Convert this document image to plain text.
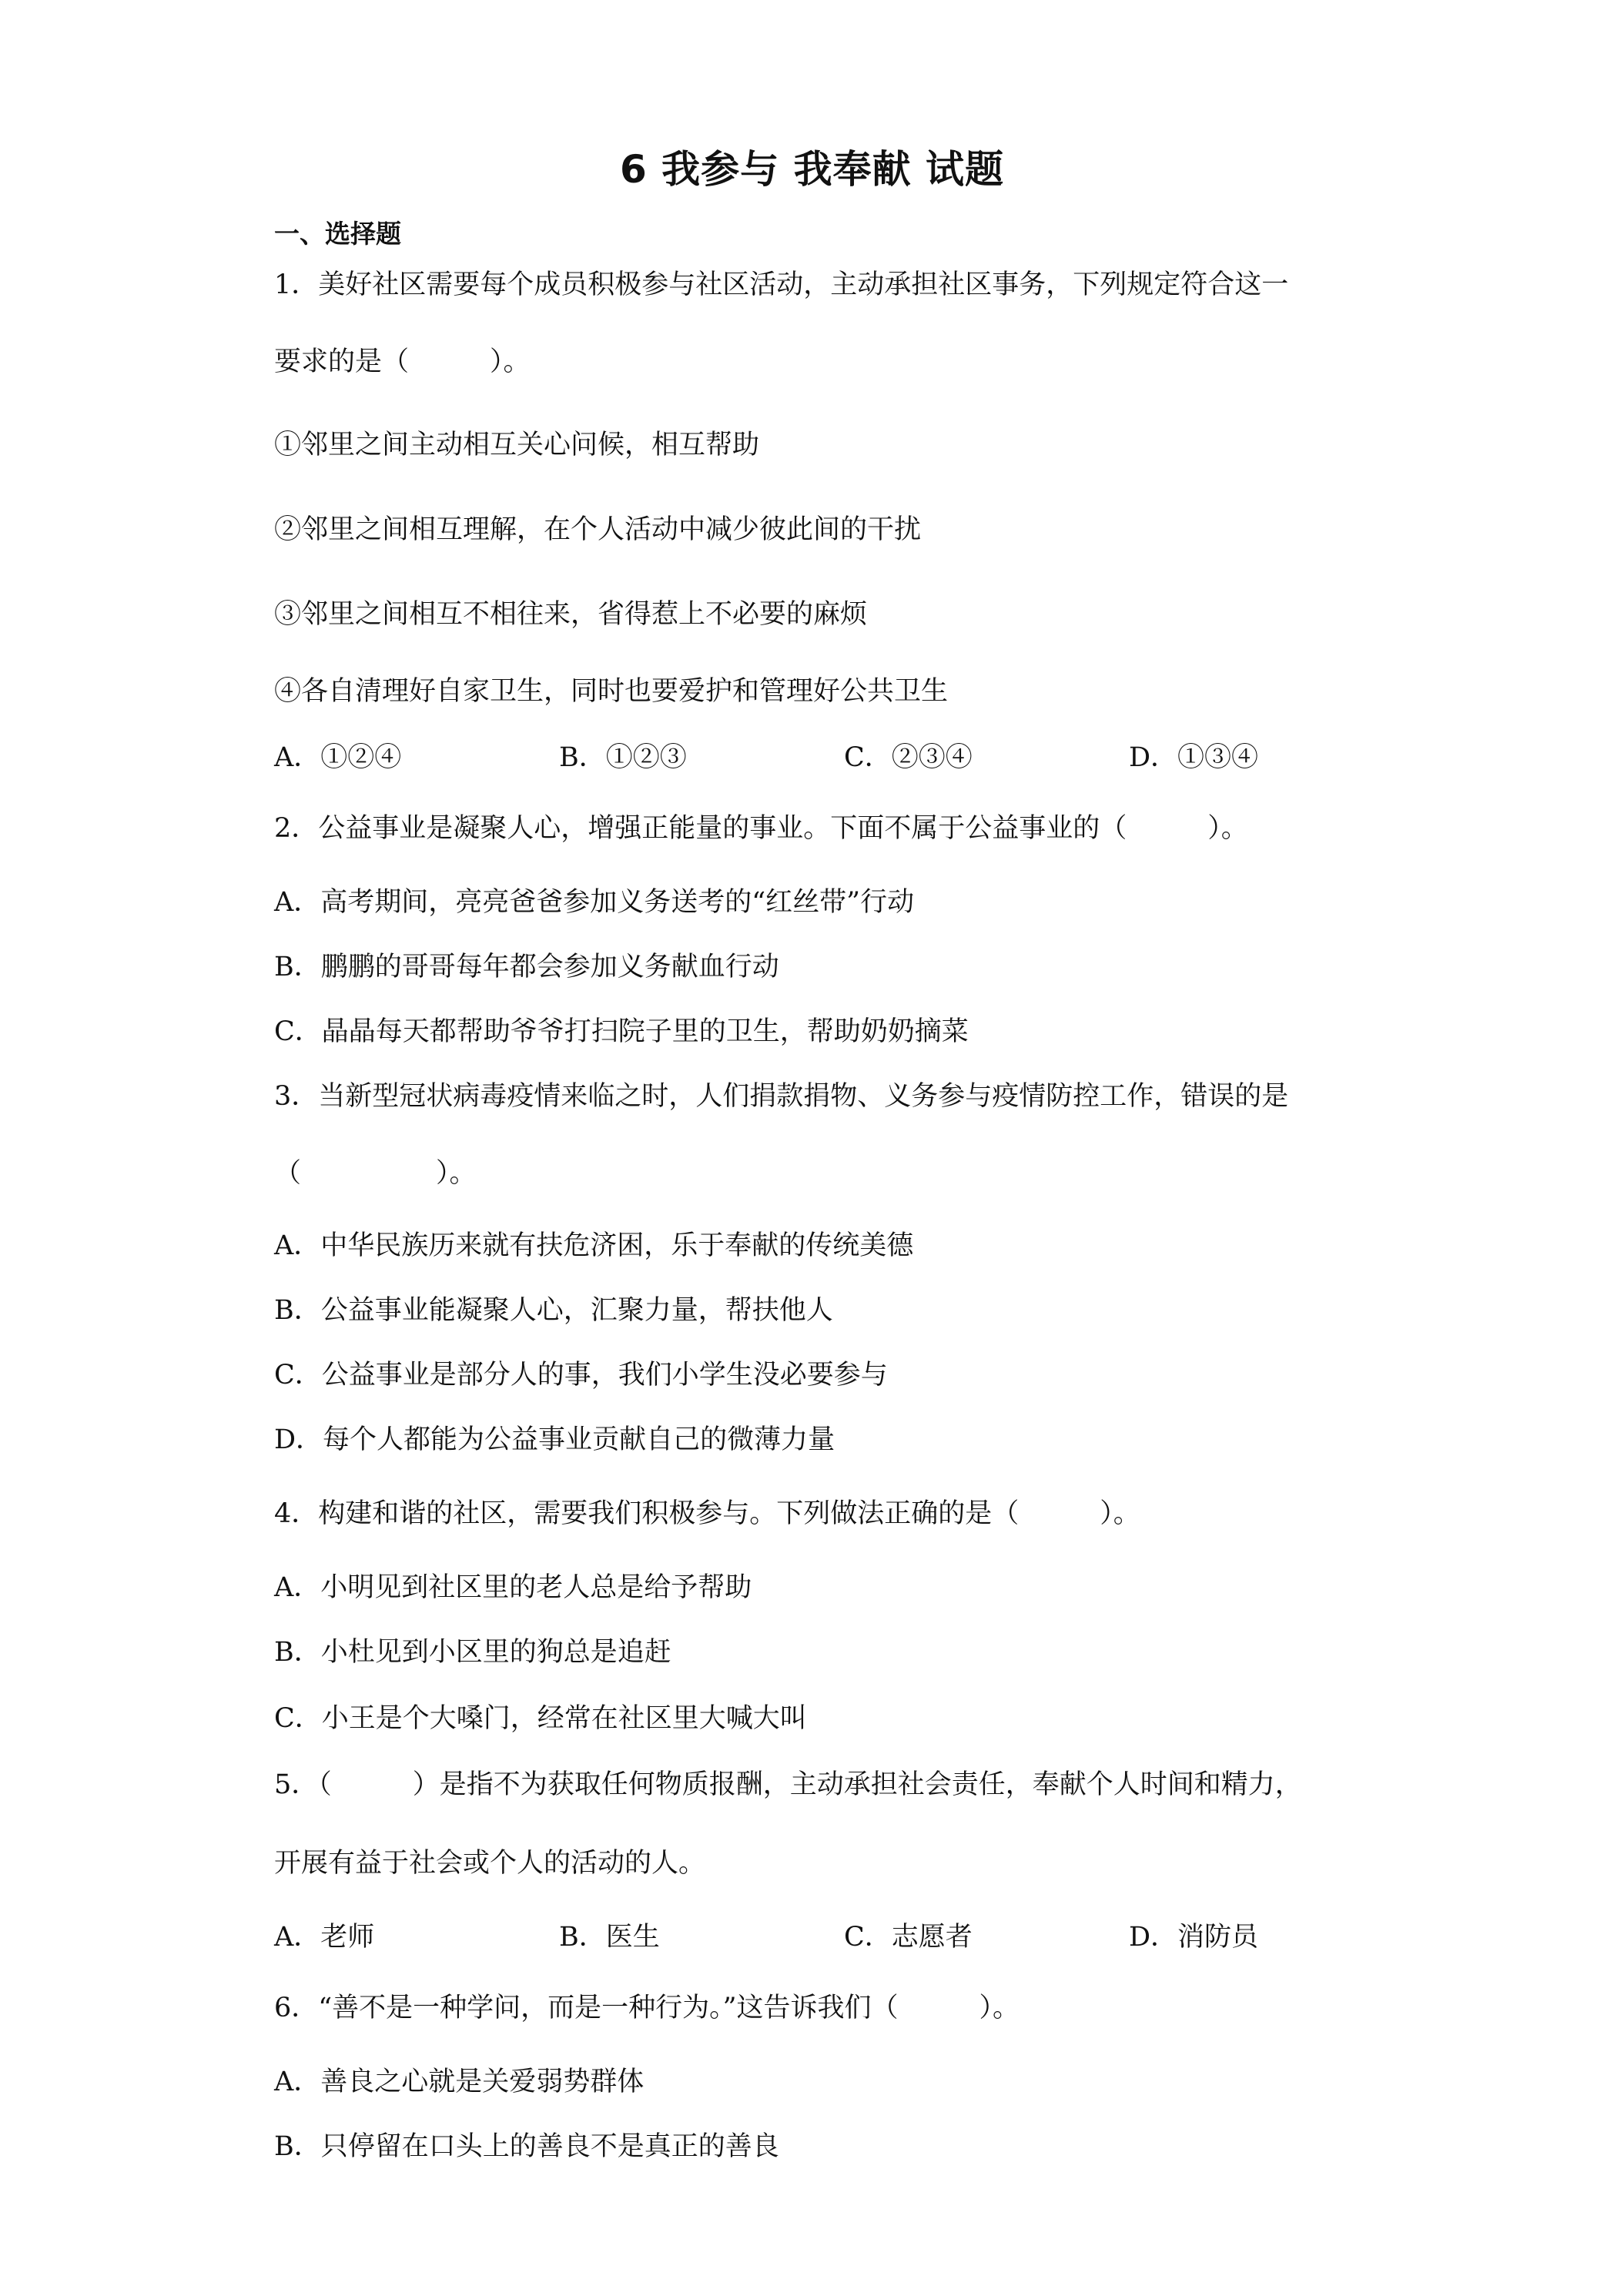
6 我参与 我奉献 试题
一、选择题
1．美好社区需要每个成员积极参与社区活动，主动承担社区事务，下列规定符合这一
要求的是（　　　）。
①邻里之间主动相互关心问候，相互帮助
②邻里之间相互理解，在个人活动中减少彼此间的干扰
③邻里之间相互不相往来，省得惹上不必要的麻烦
④各自清理好自家卫生，同时也要爱护和管理好公共卫生
A．①②④	B．①②③	C．②③④	D．①③④
2．公益事业是凝聚人心，增强正能量的事业。下面不属于公益事业的（　　　）。
A．高考期间，亮亮爸爸参加义务送考的“红丝带”行动
B．鹏鹏的哥哥每年都会参加义务献血行动
C．晶晶每天都帮助爷爷打扫院子里的卫生，帮助奶奶摘菜
3．当新型冠状病毒疫情来临之时，人们捐款捐物、义务参与疫情防控工作，错误的是
（　　　　　）。
A．中华民族历来就有扶危济困，乐于奉献的传统美德
B．公益事业能凝聚人心，汇聚力量，帮扶他人
C．公益事业是部分人的事，我们小学生没必要参与
D．每个人都能为公益事业贡献自己的微薄力量
4．构建和谐的社区，需要我们积极参与。下列做法正确的是（　　　）。
A．小明见到社区里的老人总是给予帮助
B．小杜见到小区里的狗总是追赶
C．小王是个大嗓门，经常在社区里大喊大叫
5．（　　　）是指不为获取任何物质报酬，主动承担社会责任，奉献个人时间和精力，
开展有益于社会或个人的活动的人。
A．老师	B．医生	C．志愿者	D．消防员
6．“善不是一种学问，而是一种行为。”这告诉我们（　　　）。
A．善良之心就是关爱弱势群体
B．只停留在口头上的善良不是真正的善良
